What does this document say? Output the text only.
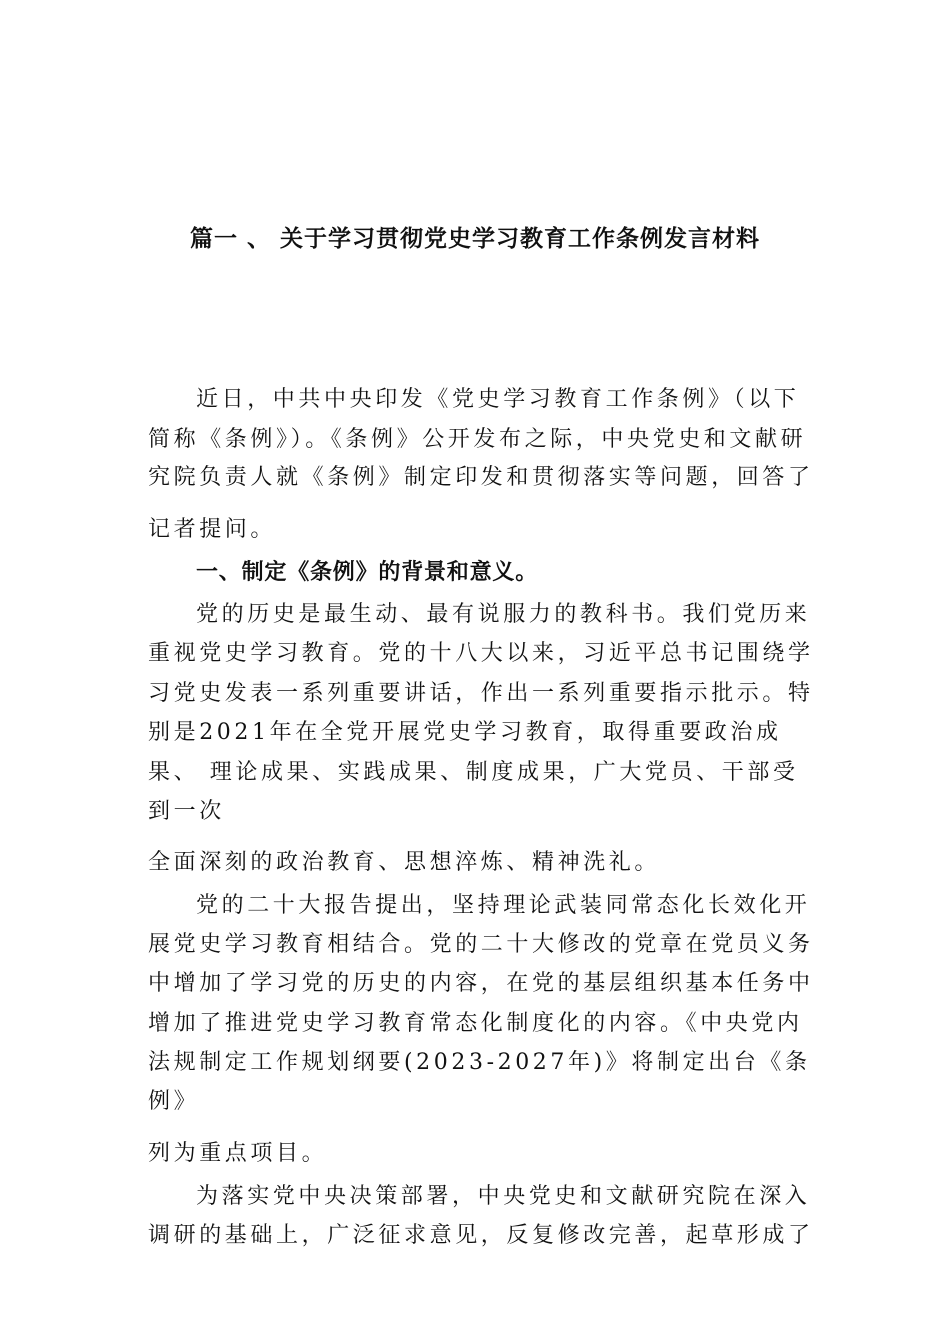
篇一 、 关于学习贯彻党史学习教育工作条例发言材料

近日，中共中央印发《党史学习教育工作条例》（以下

简称《条例》）。《条例》公开发布之际，中央党史和文献研

究院负责人就《条例》制定印发和贯彻落实等问题，回答了

记者提问。

一、制定《条例》的背景和意义。

党的历史是最生动、最有说服力的教科书。我们党历来

重视党史学习教育。党的十八大以来，习近平总书记围绕学

习党史发表一系列重要讲话，作出一系列重要指示批示。特

别是2021年在全党开展党史学习教育，取得重要政治成

果、 理论成果、实践成果、制度成果，广大党员、干部受

到一次

全面深刻的政治教育、思想淬炼、精神洗礼。

党的二十大报告提出，坚持理论武装同常态化长效化开

展党史学习教育相结合。党的二十大修改的党章在党员义务

中增加了学习党的历史的内容，在党的基层组织基本任务中

增加了推进党史学习教育常态化制度化的内容。《中央党内

法规制定工作规划纲要(2023-2027年)》将制定出台《条

例》

列为重点项目。

为落实党中央决策部署，中央党史和文献研究院在深入

调研的基础上，广泛征求意见，反复修改完善，起草形成了
